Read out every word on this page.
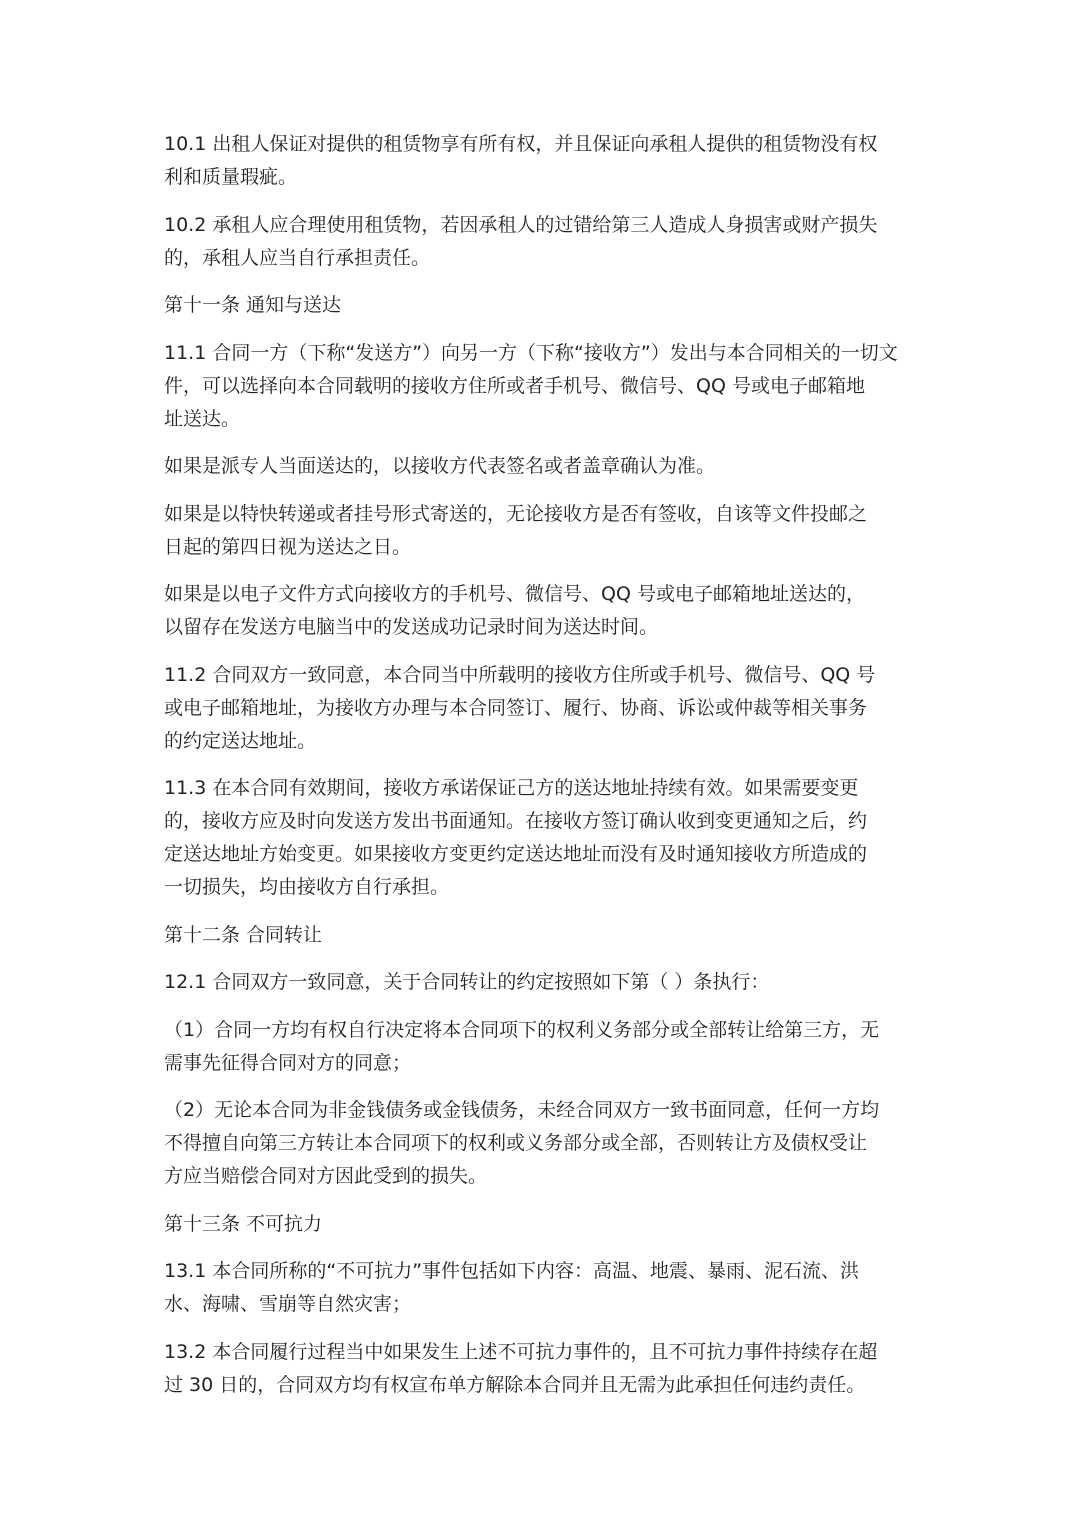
10.1 出租人保证对提供的租赁物享有所有权，并且保证向承租人提供的租赁物没有权
利和质量瑕疵。
10.2 承租人应合理使用租赁物，若因承租人的过错给第三人造成人身损害或财产损失
的，承租人应当自行承担责任。
第十一条 通知与送达
11.1 合同一方（下称“发送方”）向另一方（下称“接收方”）发出与本合同相关的一切文
件，可以选择向本合同载明的接收方住所或者手机号、微信号、QQ 号或电子邮箱地
址送达。
如果是派专人当面送达的，以接收方代表签名或者盖章确认为准。
如果是以特快转递或者挂号形式寄送的，无论接收方是否有签收，自该等文件投邮之
日起的第四日视为送达之日。
如果是以电子文件方式向接收方的手机号、微信号、QQ 号或电子邮箱地址送达的，
以留存在发送方电脑当中的发送成功记录时间为送达时间。
11.2 合同双方一致同意，本合同当中所载明的接收方住所或手机号、微信号、QQ 号
或电子邮箱地址，为接收方办理与本合同签订、履行、协商、诉讼或仲裁等相关事务
的约定送达地址。
11.3 在本合同有效期间，接收方承诺保证己方的送达地址持续有效。如果需要变更
的，接收方应及时向发送方发出书面通知。在接收方签订确认收到变更通知之后，约
定送达地址方始变更。如果接收方变更约定送达地址而没有及时通知接收方所造成的
一切损失，均由接收方自行承担。
第十二条 合同转让
12.1 合同双方一致同意，关于合同转让的约定按照如下第（ ）条执行：
（1）合同一方均有权自行决定将本合同项下的权利义务部分或全部转让给第三方，无
需事先征得合同对方的同意；
（2）无论本合同为非金钱债务或金钱债务，未经合同双方一致书面同意，任何一方均
不得擅自向第三方转让本合同项下的权利或义务部分或全部，否则转让方及债权受让
方应当赔偿合同对方因此受到的损失。
第十三条 不可抗力
13.1 本合同所称的“不可抗力”事件包括如下内容：高温、地震、暴雨、泥石流、洪
水、海啸、雪崩等自然灾害；
13.2 本合同履行过程当中如果发生上述不可抗力事件的，且不可抗力事件持续存在超
过 30 日的，合同双方均有权宣布单方解除本合同并且无需为此承担任何违约责任。
